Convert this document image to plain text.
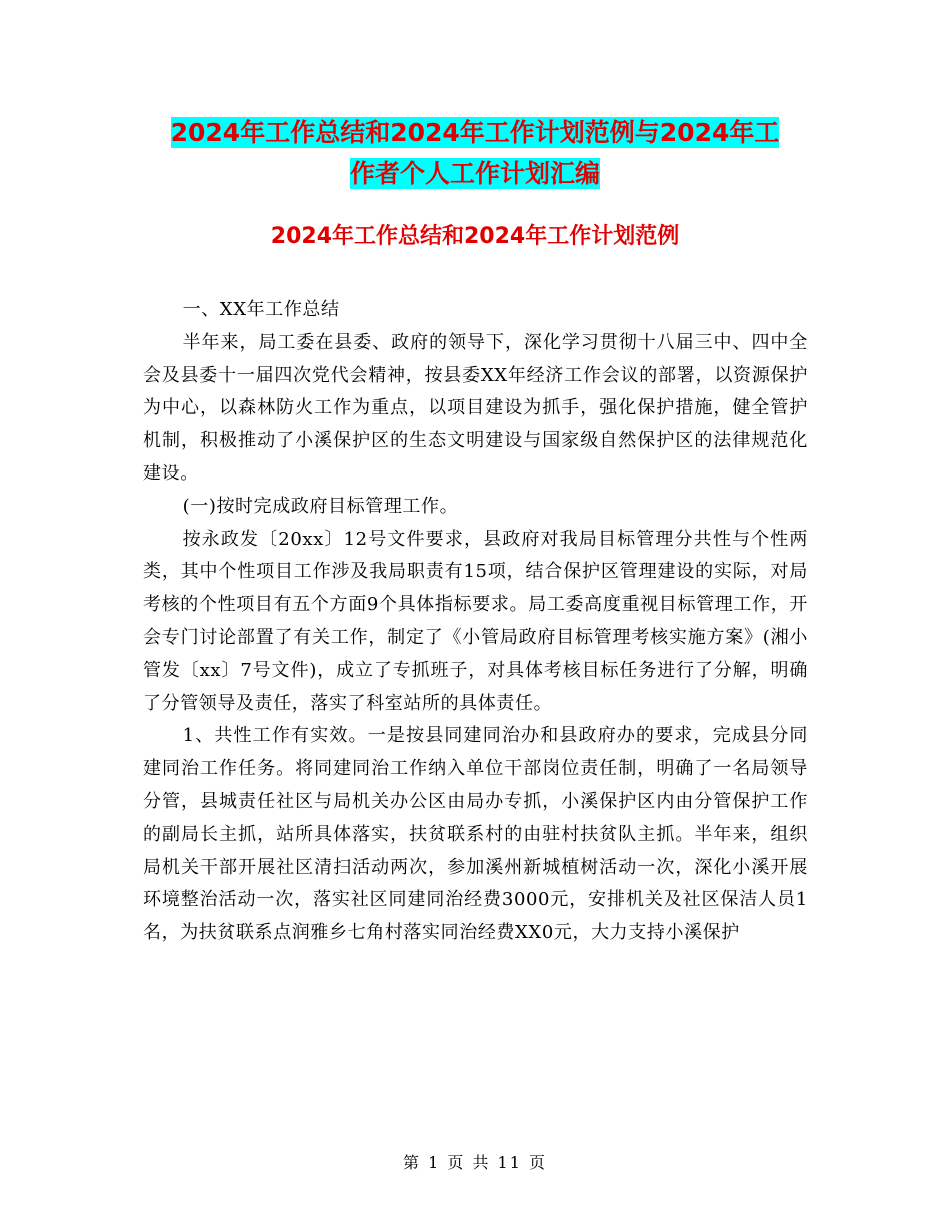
2024年工作总结和2024年工作计划范例与2024年工
作者个人工作计划汇编
2024年工作总结和2024年工作计划范例

一、XX年工作总结

半年来，局工委在县委、政府的领导下，深化学习贯彻十八届三中、四中全会及县委十一届四次党代会精神，按县委XX年经济工作会议的部署，以资源保护为中心，以森林防火工作为重点，以项目建设为抓手，强化保护措施，健全管护机制，积极推动了小溪保护区的生态文明建设与国家级自然保护区的法律规范化建设。

(一)按时完成政府目标管理工作。

按永政发〔20xx〕12号文件要求，县政府对我局目标管理分共性与个性两类，其中个性项目工作涉及我局职责有15项，结合保护区管理建设的实际，对局考核的个性项目有五个方面9个具体指标要求。局工委高度重视目标管理工作，开会专门讨论部置了有关工作，制定了《小管局政府目标管理考核实施方案》(湘小管发〔xx〕7号文件)，成立了专抓班子，对具体考核目标任务进行了分解，明确了分管领导及责任，落实了科室站所的具体责任。

1、共性工作有实效。一是按县同建同治办和县政府办的要求，完成县分同建同治工作任务。将同建同治工作纳入单位干部岗位责任制，明确了一名局领导分管，县城责任社区与局机关办公区由局办专抓，小溪保护区内由分管保护工作的副局长主抓，站所具体落实，扶贫联系村的由驻村扶贫队主抓。半年来，组织局机关干部开展社区清扫活动两次，参加溪州新城植树活动一次，深化小溪开展环境整治活动一次，落实社区同建同治经费3000元，安排机关及社区保洁人员1名，为扶贫联系点润雅乡七角村落实同治经费XX0元，大力支持小溪保护

第 1 页 共 11 页
